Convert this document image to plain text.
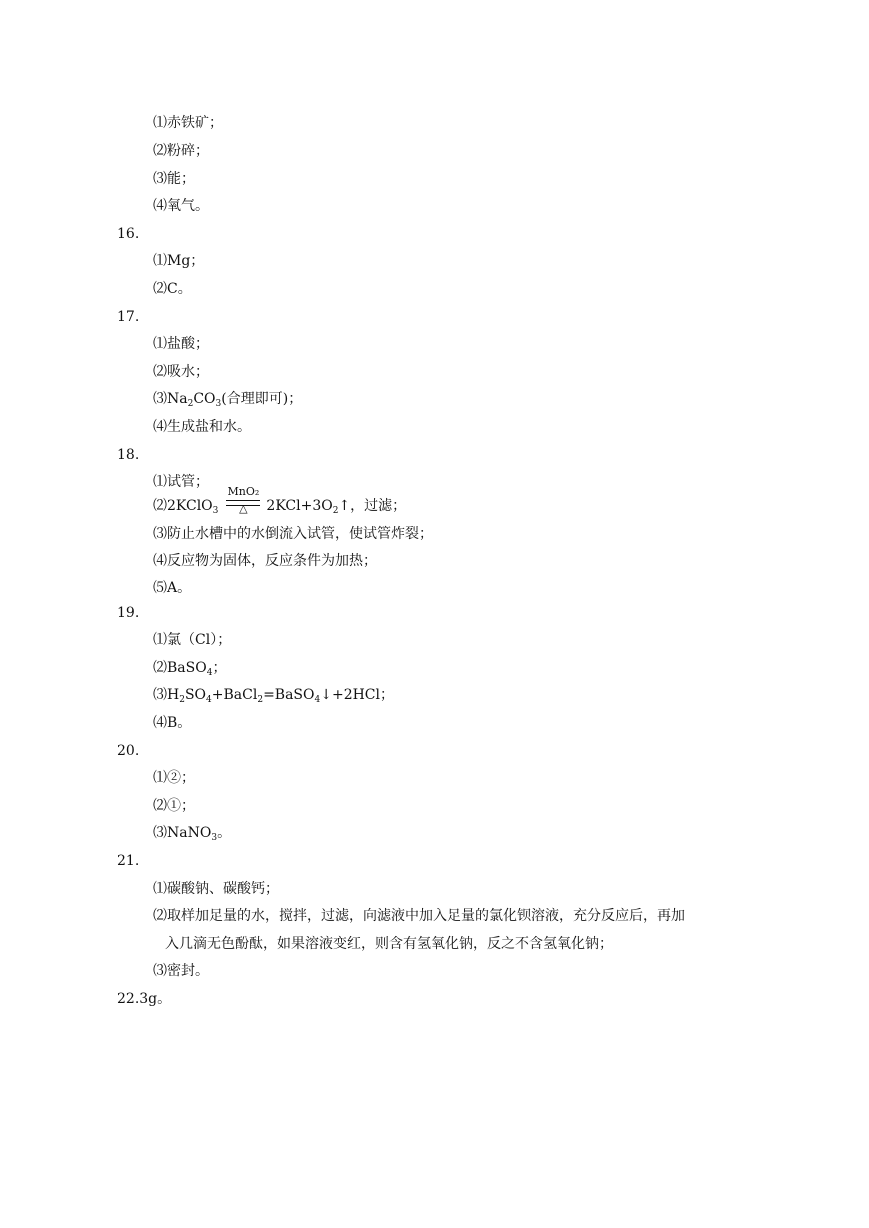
⑴赤铁矿；
⑵粉碎；
⑶能；
⑷氧气。
16.
⑴Mg；
⑵C。
17.
⑴盐酸；
⑵吸水；
$⑶Na_2CO_3$(合理即可)；
⑷生成盐和水。
18.
⑴试管；
⑵2KClO$_3$
MnO₂
△	$2KCl+3O_2↑$，过滤；
⑶防止水槽中的水倒流入试管，使试管炸裂；
⑷反应物为固体，反应条件为加热；
⑸A。
19.
⑴氯（Cl）；
⑵BaSO$_4$；
$⑶H_2SO_4+BaCl_2=BaSO_4↓+2HCl$；
⑷B。
20.
⑴②；
⑵①；
⑶NaNO$_3$。
21.
⑴碳酸钠、碳酸钙；
⑵取样加足量的水，搅拌，过滤，向滤液中加入足量的氯化钡溶液，充分反应后，再加
入几滴无色酚酞，如果溶液变红，则含有氢氧化钠，反之不含氢氧化钠；
⑶密封。
22.3g。
